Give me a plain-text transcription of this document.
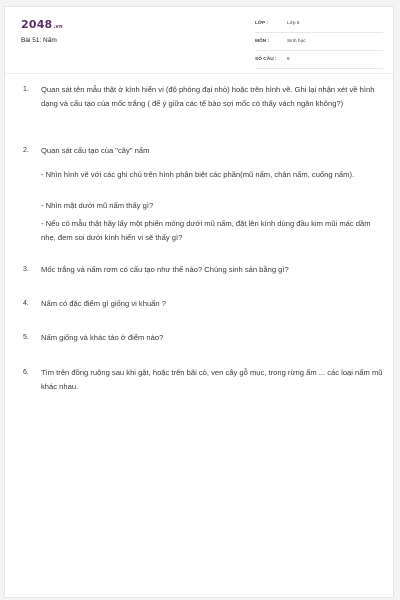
2048.vn
Bài 51: Nấm
LỚP :	Lớp 6
MÔN :	Sinh học
SỐ CÂU : 6
1. Quan sát tên mẫu thật ở kính hiển vi (độ phóng đại nhỏ) hoặc trên hình vẽ. Ghi lại nhận xét về hình dạng và cấu tạo của mốc trắng ( để ý giữa các tế bào sợi mốc có thấy vách ngăn không?)
2. Quan sát cấu tạo của "cây" nấm
- Nhìn hình vẽ với các ghi chú trên hình phân biệt các phần(mũ nấm, chân nấm, cuống nấm).
- Nhìn mặt dưới mũ nấm thấy gì?
- Nếu có mẫu thật hãy lấy một phiến mỏng dưới mũ nấm, đặt lên kính dùng đầu kim mũi mác dầm nhẹ, đem soi dưới kính hiển vi sẽ thấy gì?
3. Mốc trắng và nấm rơm có cấu tạo như thế nào? Chúng sinh sản bằng gì?
4. Nấm có đặc điểm gì giống vi khuẩn ?
5. Nấm giống và khác tảo ở điểm nào?
6. Tìm trên đồng ruộng sau khi gặt, hoặc trên bãi cỏ, ven cây gỗ mục, trong rừng ẩm ... các loại nấm mũ khác nhau.
